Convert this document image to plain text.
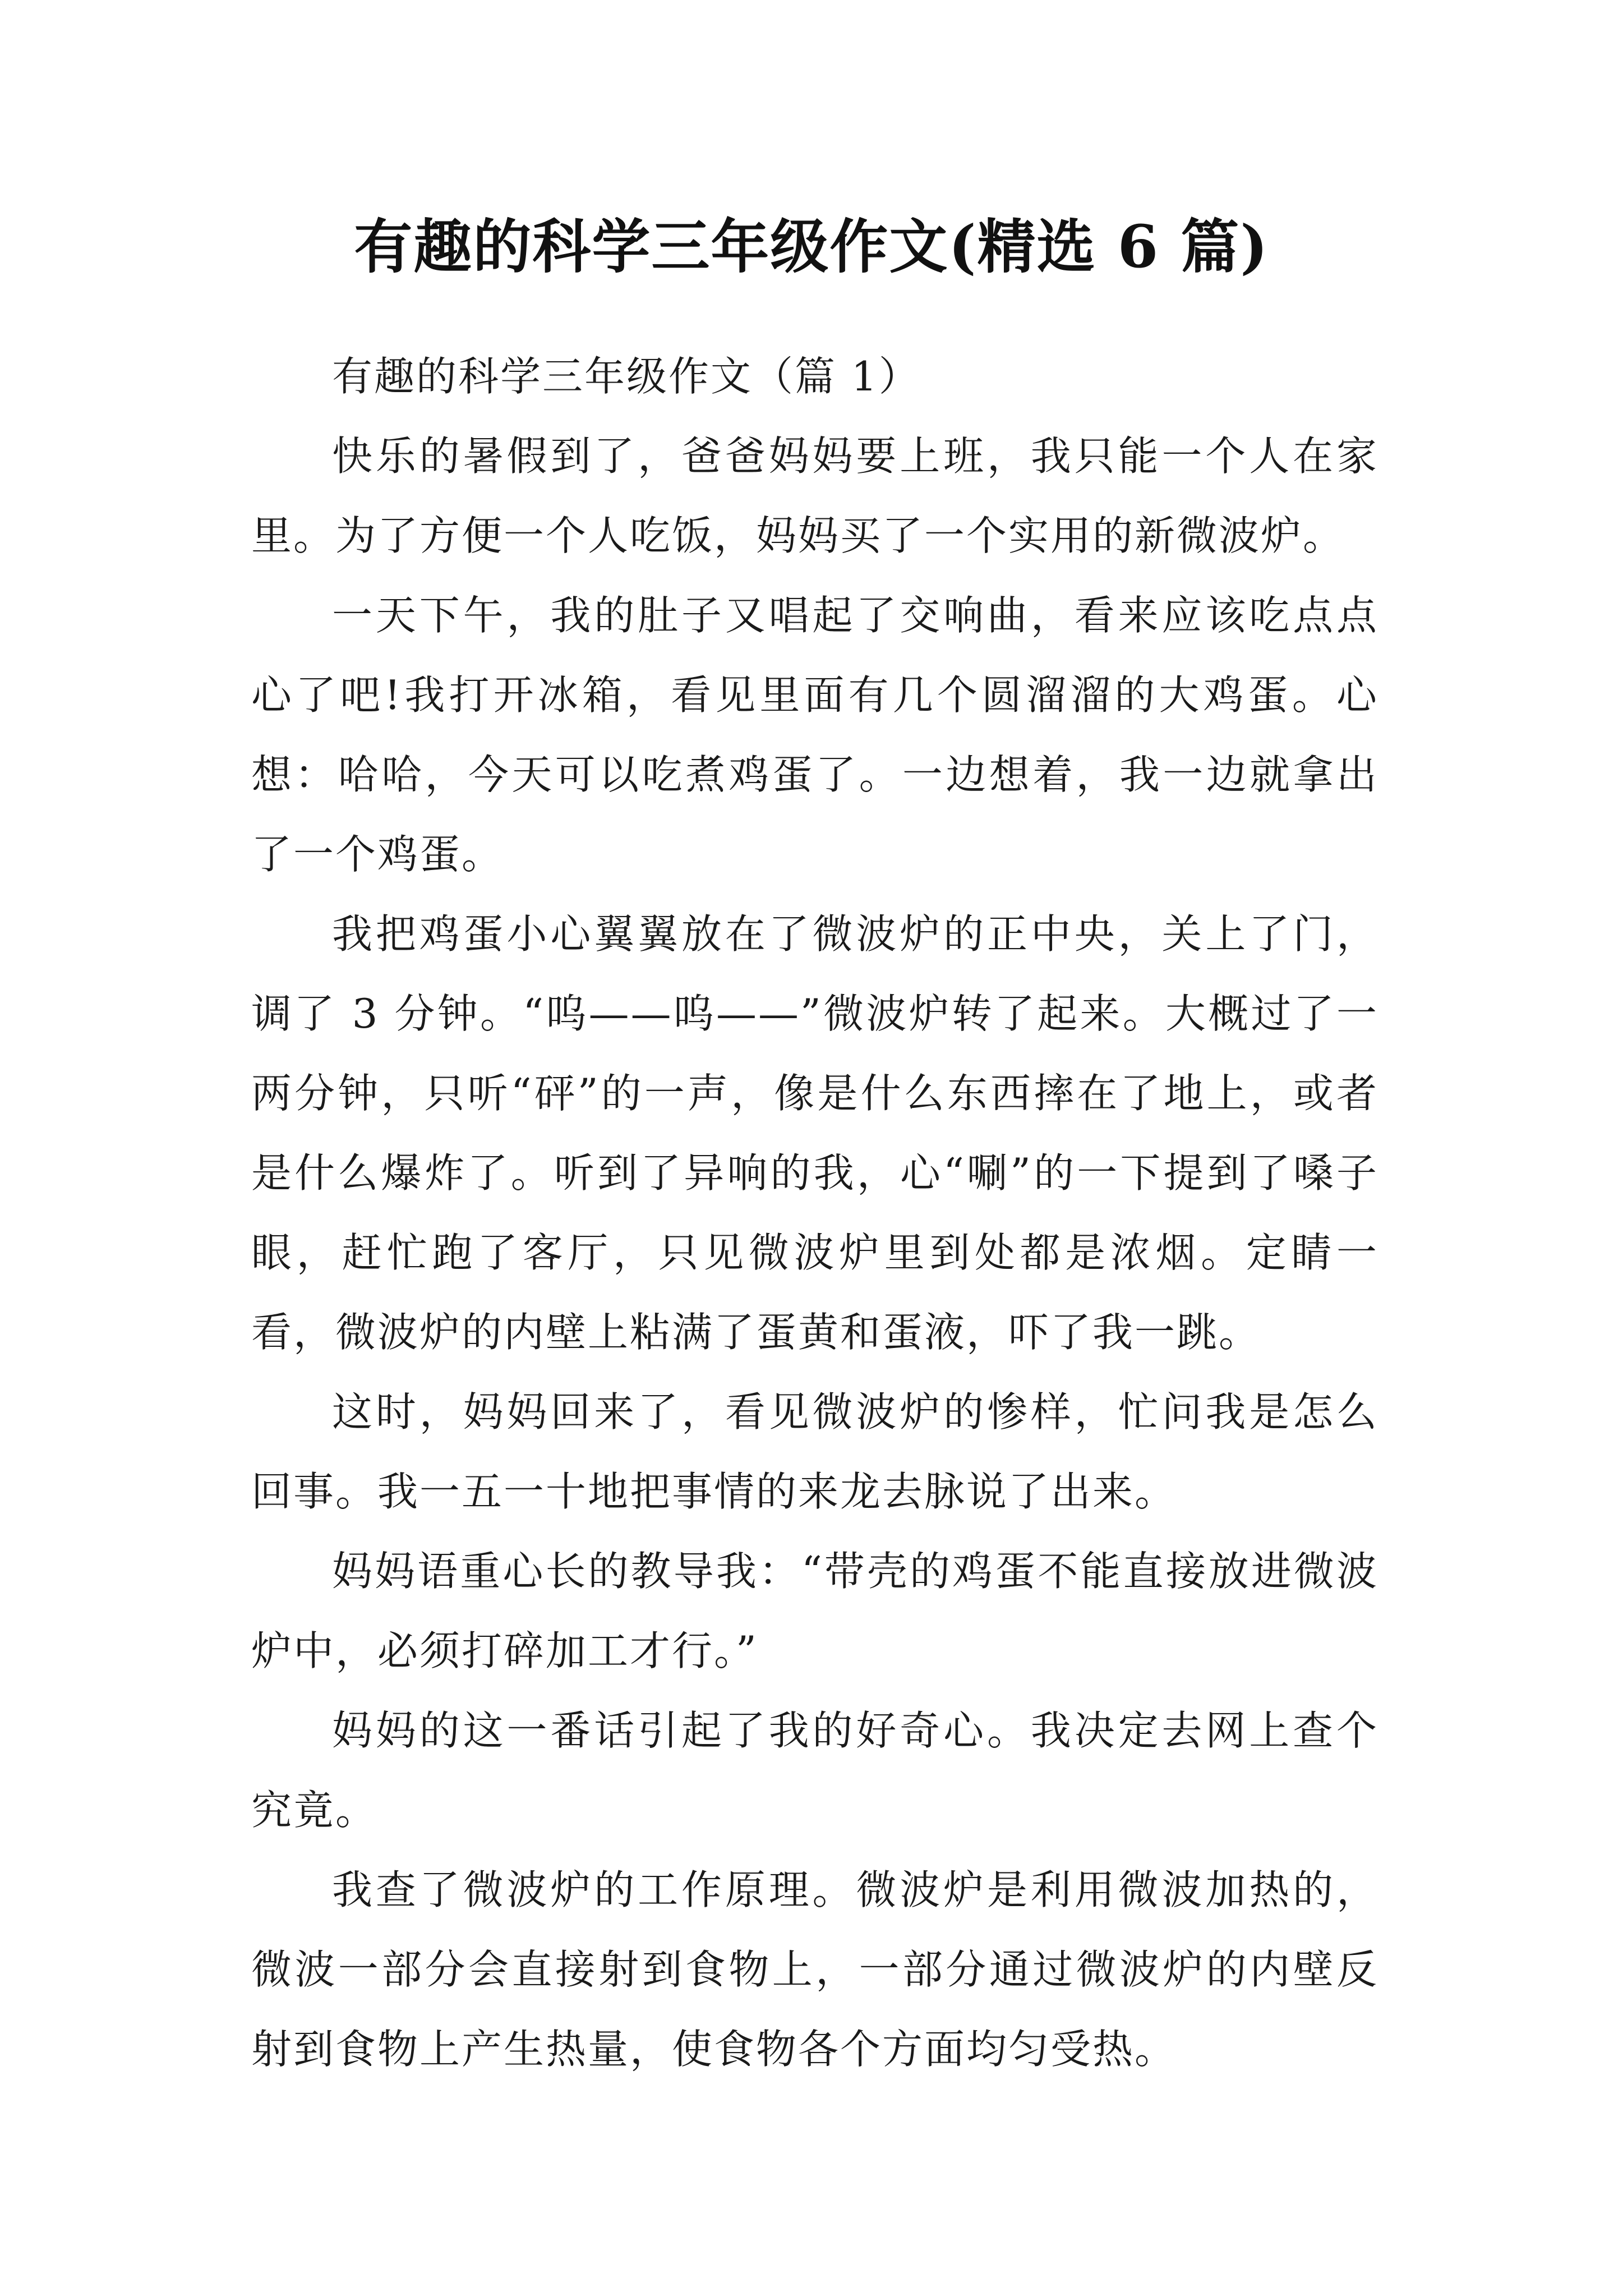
有趣的科学三年级作文(精选 6 篇)

有趣的科学三年级作文（篇 1）

快乐的暑假到了，爸爸妈妈要上班，我只能一个人在家里。为了方便一个人吃饭，妈妈买了一个实用的新微波炉。

一天下午，我的肚子又唱起了交响曲，看来应该吃点点心了吧!我打开冰箱，看见里面有几个圆溜溜的大鸡蛋。心想：哈哈，今天可以吃煮鸡蛋了。一边想着，我一边就拿出了一个鸡蛋。

我把鸡蛋小心翼翼放在了微波炉的正中央，关上了门，调了 3 分钟。“呜——呜——”微波炉转了起来。大概过了一两分钟，只听“砰”的一声，像是什么东西摔在了地上，或者是什么爆炸了。听到了异响的我，心“唰”的一下提到了嗓子眼，赶忙跑了客厅，只见微波炉里到处都是浓烟。定睛一看，微波炉的内壁上粘满了蛋黄和蛋液，吓了我一跳。

这时，妈妈回来了，看见微波炉的惨样，忙问我是怎么回事。我一五一十地把事情的来龙去脉说了出来。

妈妈语重心长的教导我：“带壳的鸡蛋不能直接放进微波炉中，必须打碎加工才行。”

妈妈的这一番话引起了我的好奇心。我决定去网上查个究竟。

我查了微波炉的工作原理。微波炉是利用微波加热的，微波一部分会直接射到食物上，一部分通过微波炉的内壁反射到食物上产生热量，使食物各个方面均匀受热。
